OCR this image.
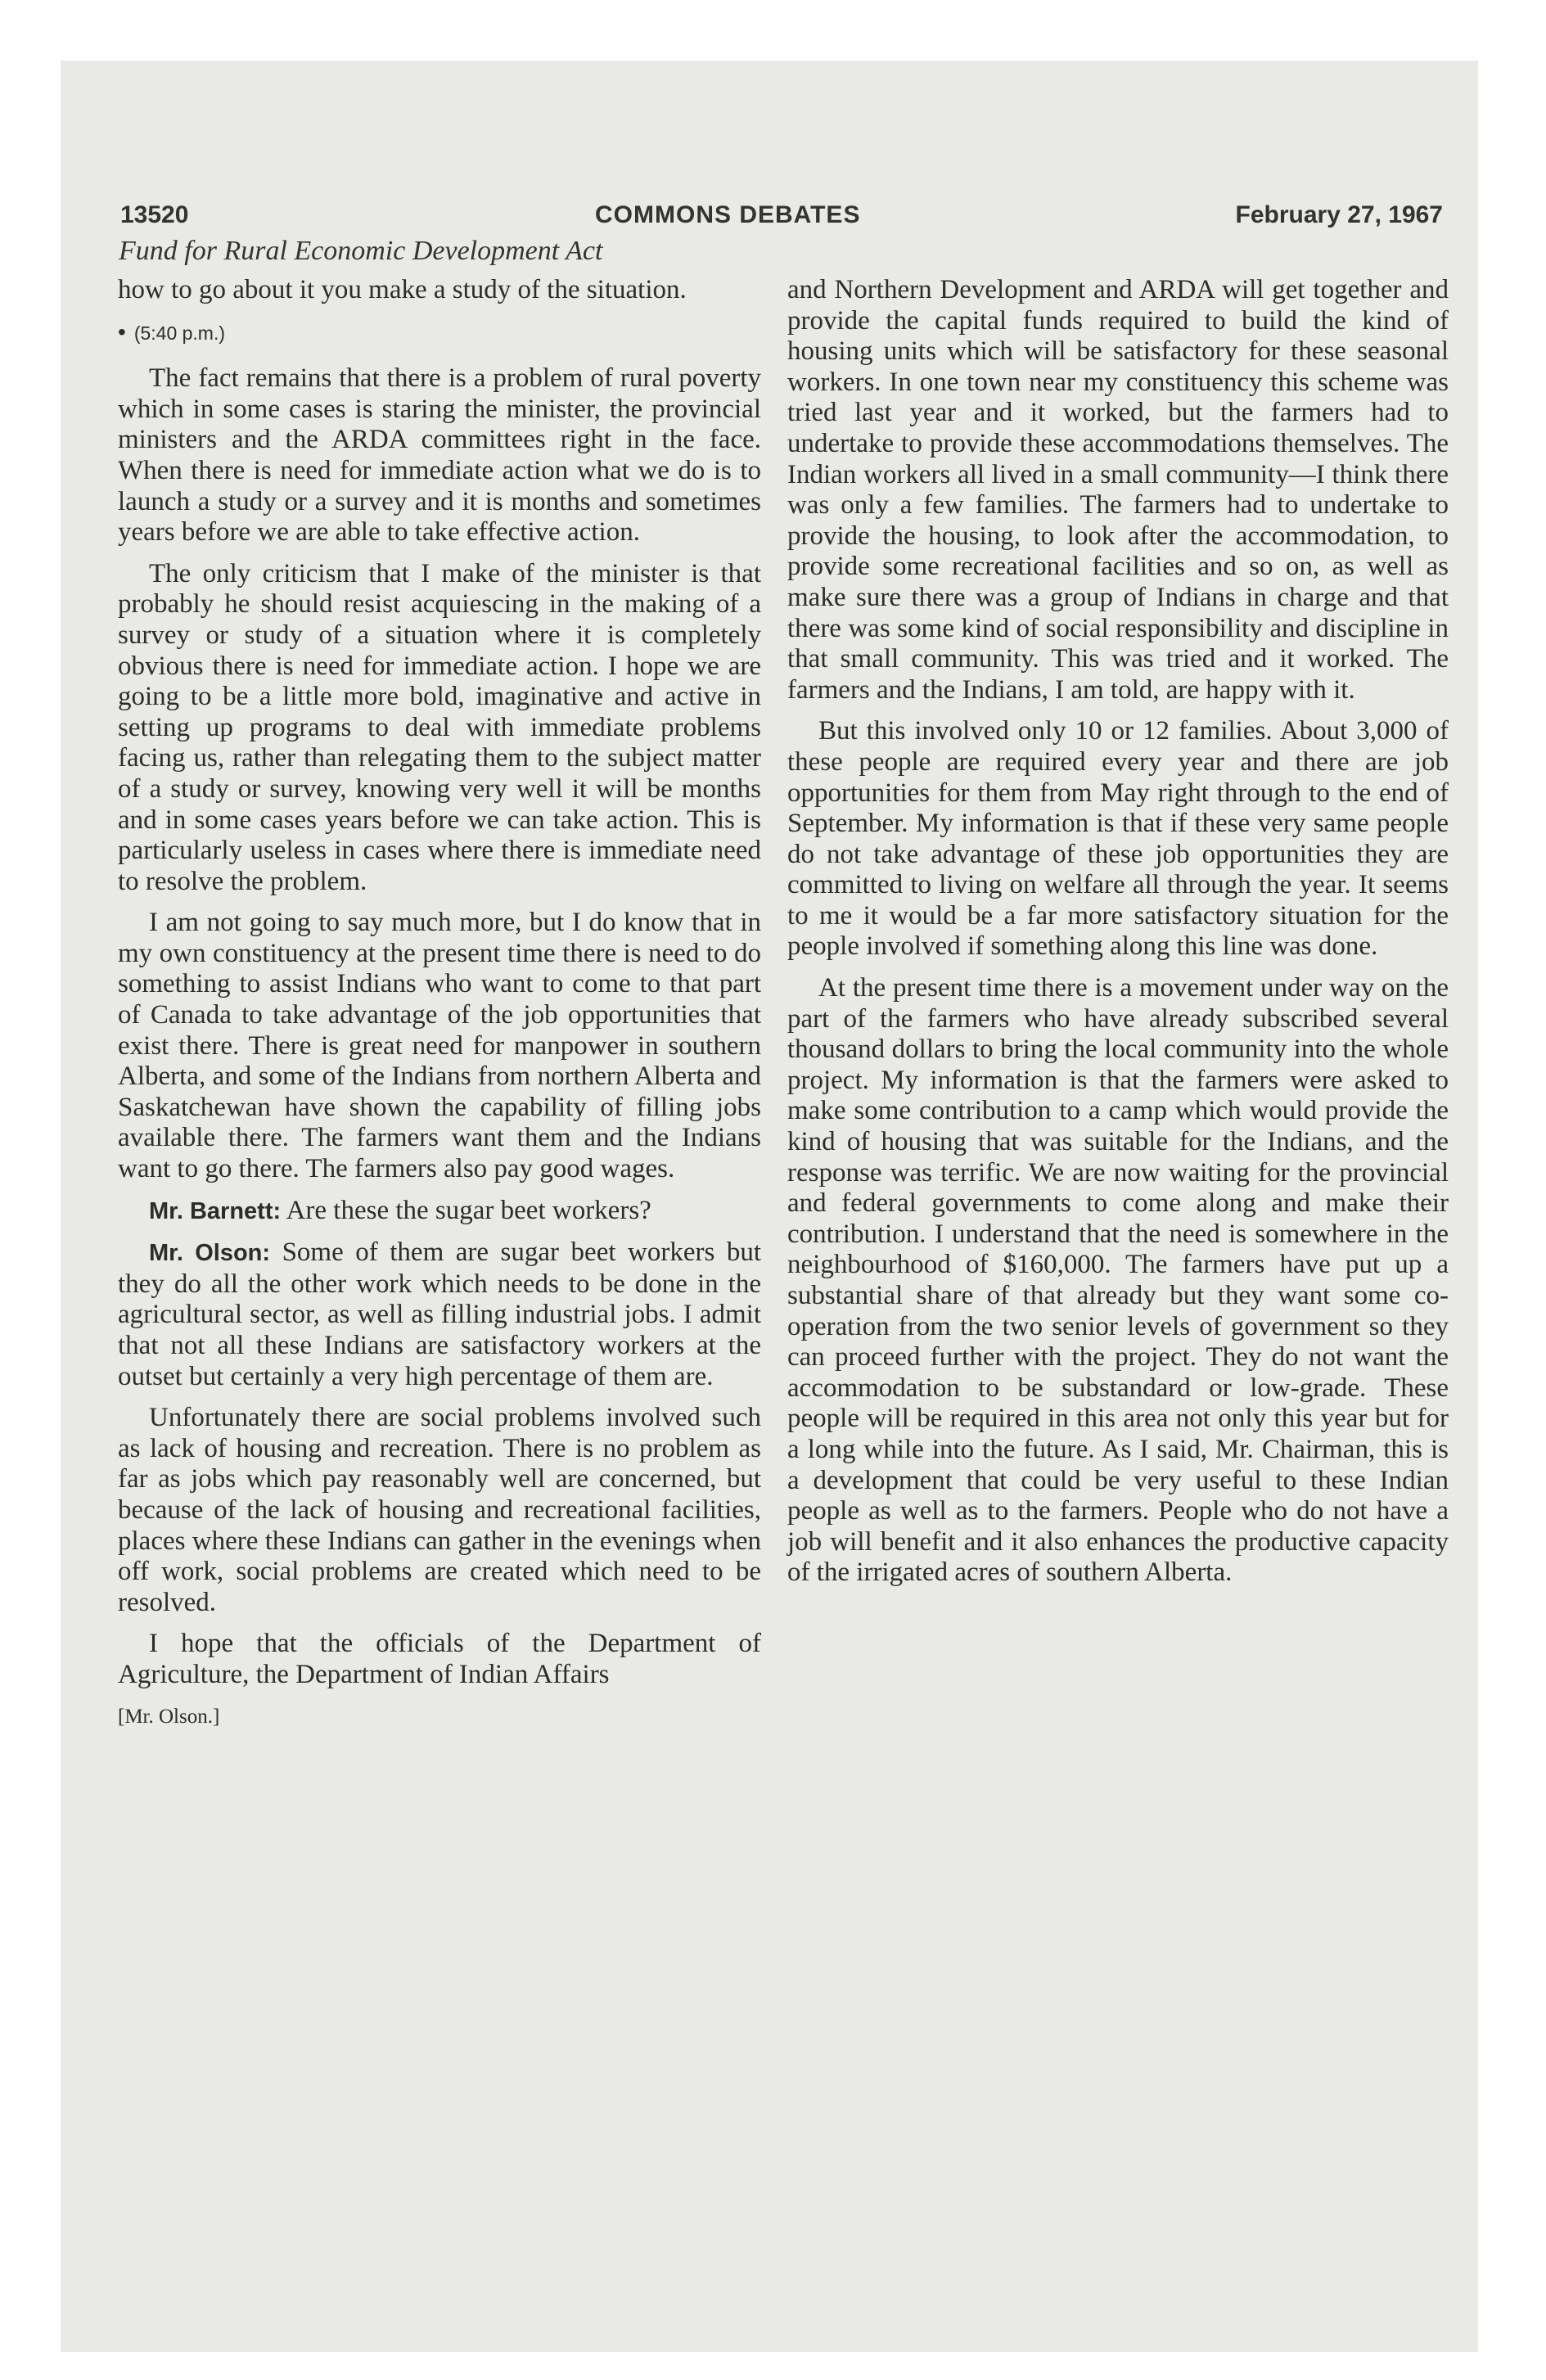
13520	COMMONS DEBATES	February 27, 1967
Fund for Rural Economic Development Act

how to go about it you make a study of the situation.

• (5:40 p.m.)

The fact remains that there is a problem of rural poverty which in some cases is staring the minister, the provincial ministers and the ARDA committees right in the face. When there is need for immediate action what we do is to launch a study or a survey and it is months and sometimes years before we are able to take effective action.

The only criticism that I make of the minister is that probably he should resist acquiescing in the making of a survey or study of a situation where it is completely obvious there is need for immediate action. I hope we are going to be a little more bold, imaginative and active in setting up programs to deal with immediate problems facing us, rather than relegating them to the subject matter of a study or survey, knowing very well it will be months and in some cases years before we can take action. This is particularly useless in cases where there is immediate need to resolve the problem.

I am not going to say much more, but I do know that in my own constituency at the present time there is need to do something to assist Indians who want to come to that part of Canada to take advantage of the job opportunities that exist there. There is great need for manpower in southern Alberta, and some of the Indians from northern Alberta and Saskatchewan have shown the capability of filling jobs available there. The farmers want them and the Indians want to go there. The farmers also pay good wages.

Mr. Barnett: Are these the sugar beet workers?

Mr. Olson: Some of them are sugar beet workers but they do all the other work which needs to be done in the agricultural sector, as well as filling industrial jobs. I admit that not all these Indians are satisfactory workers at the outset but certainly a very high percentage of them are.

Unfortunately there are social problems involved such as lack of housing and recreation. There is no problem as far as jobs which pay reasonably well are concerned, but because of the lack of housing and recreational facilities, places where these Indians can gather in the evenings when off work, social problems are created which need to be resolved.

I hope that the officials of the Department of Agriculture, the Department of Indian Affairs

[Mr. Olson.]

and Northern Development and ARDA will get together and provide the capital funds required to build the kind of housing units which will be satisfactory for these seasonal workers. In one town near my constituency this scheme was tried last year and it worked, but the farmers had to undertake to provide these accommodations themselves. The Indian workers all lived in a small community—I think there was only a few families. The farmers had to undertake to provide the housing, to look after the accommodation, to provide some recreational facilities and so on, as well as make sure there was a group of Indians in charge and that there was some kind of social responsibility and discipline in that small community. This was tried and it worked. The farmers and the Indians, I am told, are happy with it.

But this involved only 10 or 12 families. About 3,000 of these people are required every year and there are job opportunities for them from May right through to the end of September. My information is that if these very same people do not take advantage of these job opportunities they are committed to living on welfare all through the year. It seems to me it would be a far more satisfactory situation for the people involved if something along this line was done.

At the present time there is a movement under way on the part of the farmers who have already subscribed several thousand dollars to bring the local community into the whole project. My information is that the farmers were asked to make some contribution to a camp which would provide the kind of housing that was suitable for the Indians, and the response was terrific. We are now waiting for the provincial and federal governments to come along and make their contribution. I understand that the need is somewhere in the neighbourhood of $160,000. The farmers have put up a substantial share of that already but they want some co-operation from the two senior levels of government so they can proceed further with the project. They do not want the accommodation to be substandard or low-grade. These people will be required in this area not only this year but for a long while into the future. As I said, Mr. Chairman, this is a development that could be very useful to these Indian people as well as to the farmers. People who do not have a job will benefit and it also enhances the productive capacity of the irrigated acres of southern Alberta.
